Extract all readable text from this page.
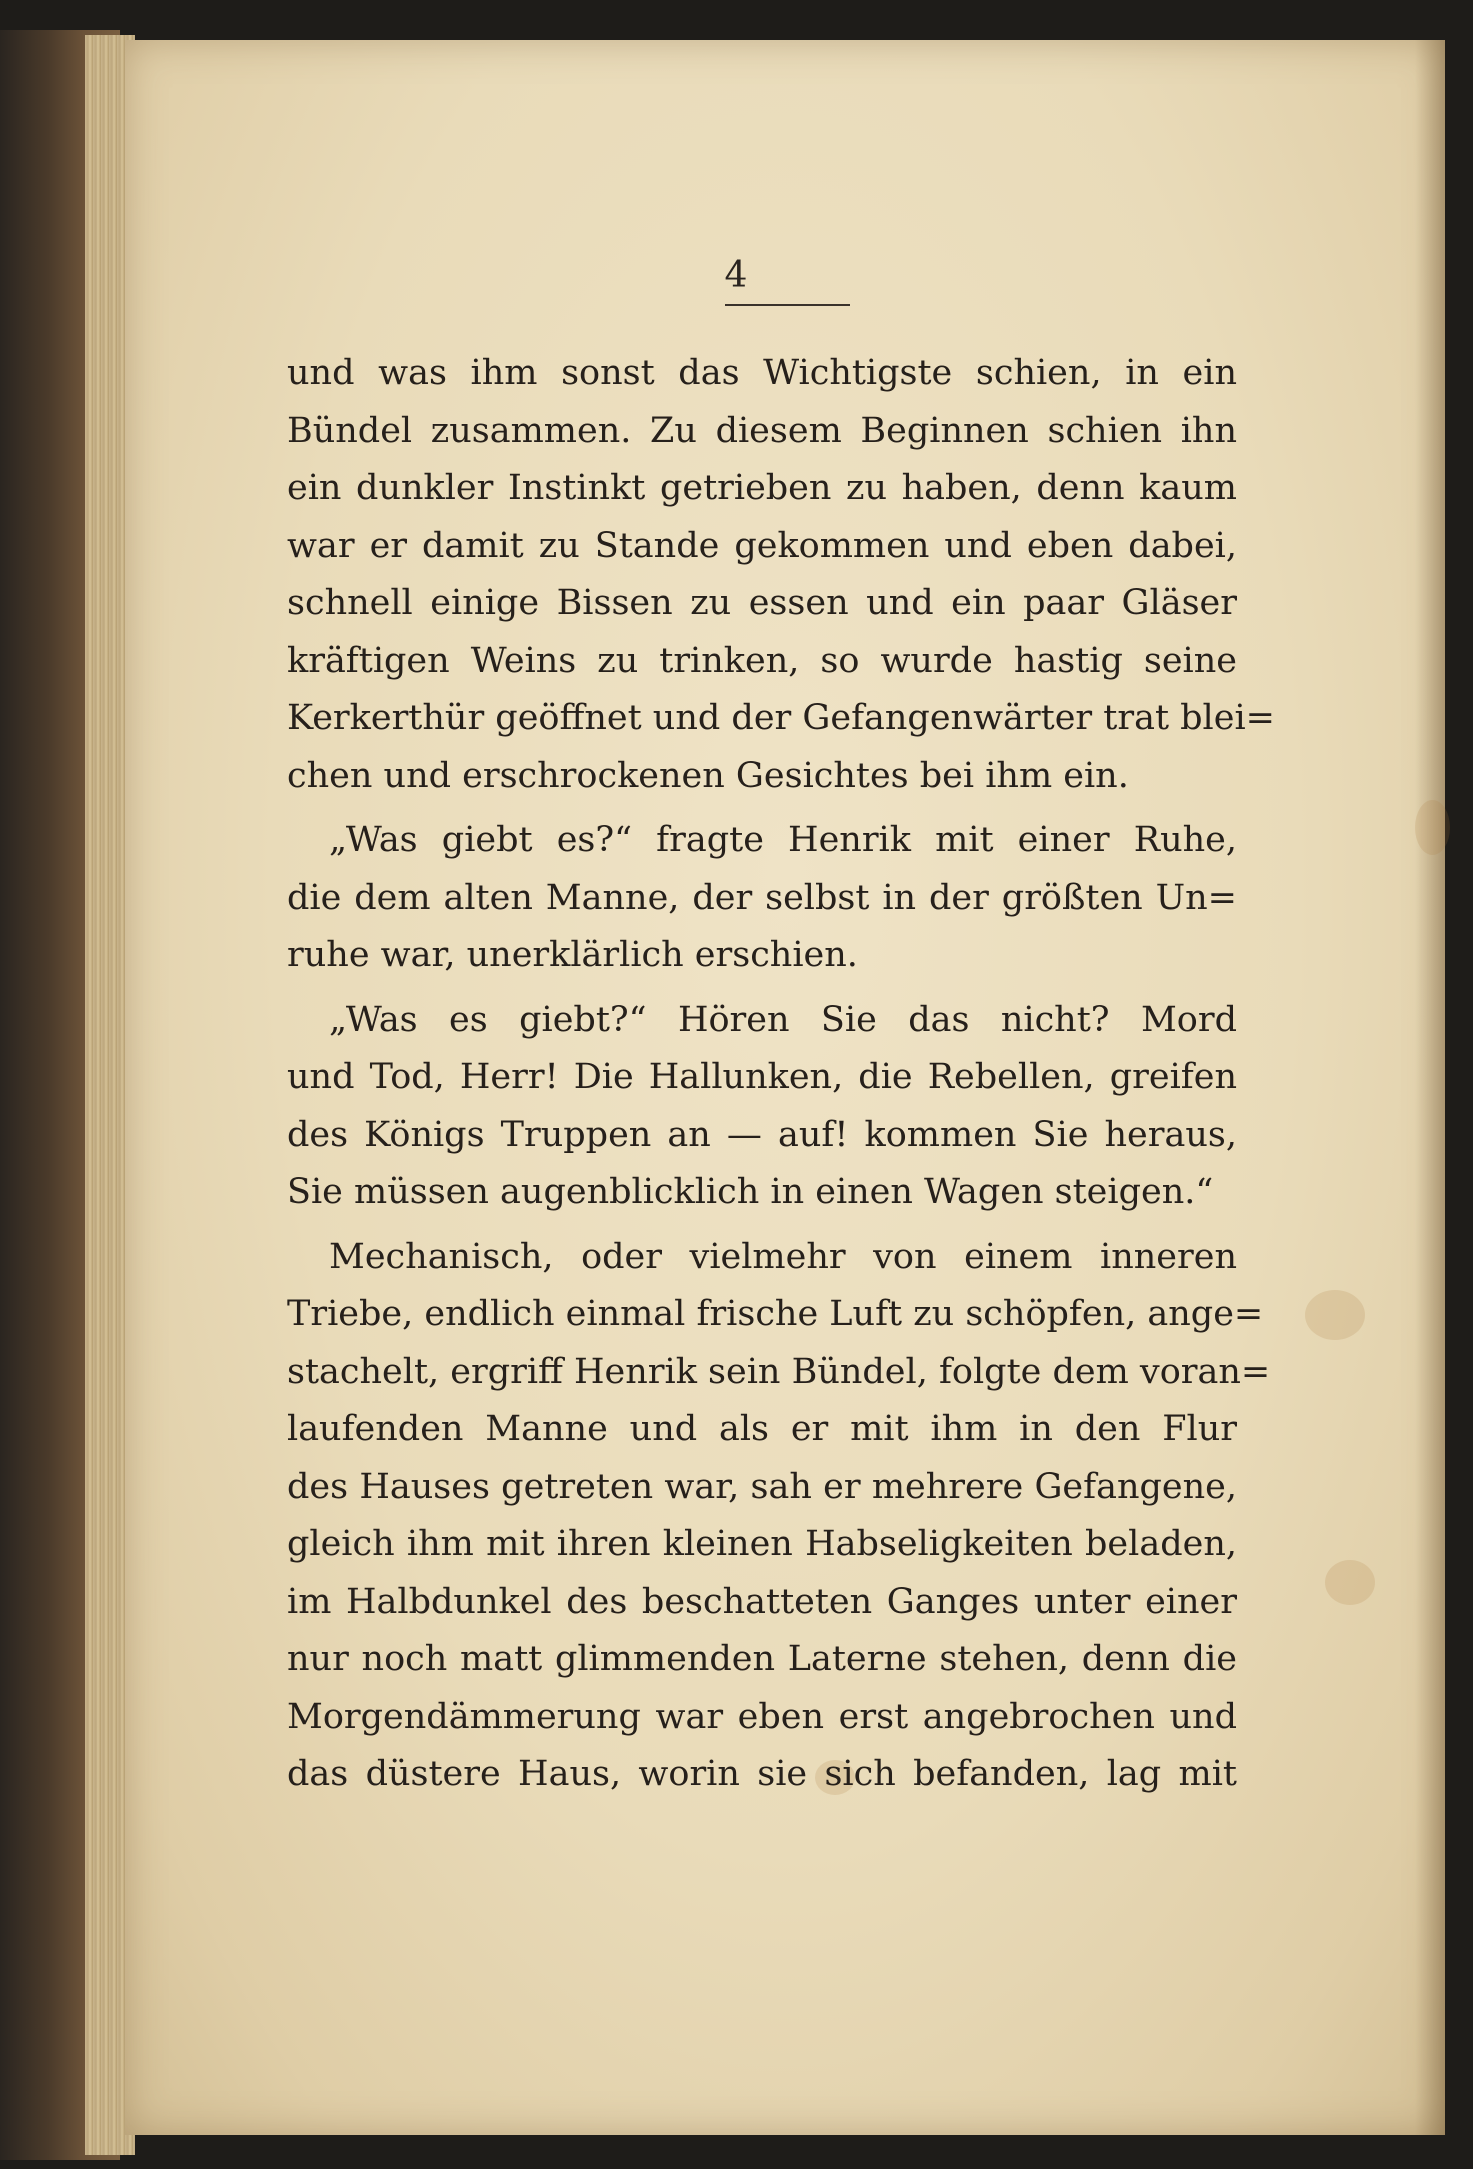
4
und was ihm sonst das Wichtigste schien, in ein
Bündel zusammen. Zu diesem Beginnen schien ihn
ein dunkler Instinkt getrieben zu haben, denn kaum
war er damit zu Stande gekommen und eben dabei,
schnell einige Bissen zu essen und ein paar Gläser
kräftigen Weins zu trinken, so wurde hastig seine
Kerkerthür geöffnet und der Gefangenwärter trat blei=
chen und erschrockenen Gesichtes bei ihm ein.
„Was giebt es?“ fragte Henrik mit einer Ruhe,
die dem alten Manne, der selbst in der größten Un=
ruhe war, unerklärlich erschien.
„Was es giebt?“ Hören Sie das nicht? Mord
und Tod, Herr! Die Hallunken, die Rebellen, greifen
des Königs Truppen an — auf! kommen Sie heraus,
Sie müssen augenblicklich in einen Wagen steigen.“
Mechanisch, oder vielmehr von einem inneren
Triebe, endlich einmal frische Luft zu schöpfen, ange=
stachelt, ergriff Henrik sein Bündel, folgte dem voran=
laufenden Manne und als er mit ihm in den Flur
des Hauses getreten war, sah er mehrere Gefangene,
gleich ihm mit ihren kleinen Habseligkeiten beladen,
im Halbdunkel des beschatteten Ganges unter einer
nur noch matt glimmenden Laterne stehen, denn die
Morgendämmerung war eben erst angebrochen und
das düstere Haus, worin sie sich befanden, lag mit
